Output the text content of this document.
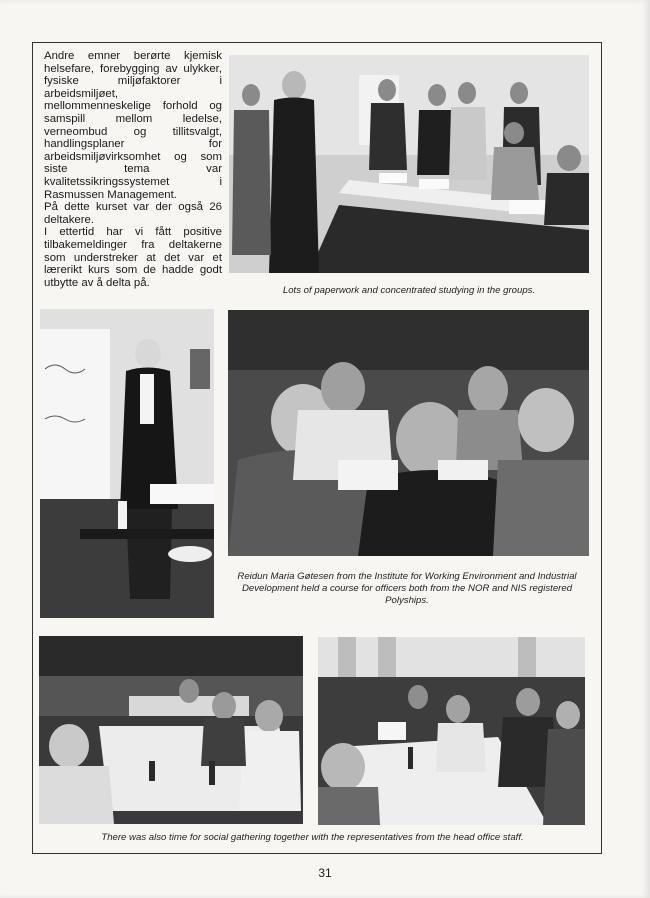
Andre emner berørte kjemisk helsefare, forebygging av ulykker, fysiske miljøfaktorer i arbeidsmiljøet, mellommenneskelige forhold og samspill mellom ledelse, verneombud og tillitsvalgt, handlingsplaner for arbeidsmiljøvirksomhet og som siste tema var kvalitetssikringssystemet i Rasmussen Management.

På dette kurset var der også 26 deltakere.

I ettertid har vi fått positive tilbakemeldinger fra deltakerne som understreker at det var et lærerikt kurs som de hadde godt utbytte av å delta på.

Lots of paperwork and concentrated studying in the groups.
Reidun Maria Gøtesen from the Institute for Working Environment and Industrial Development held a course for officers both from the NOR and NIS registered Polyships.
There was also time for social gathering together with the representatives from the head office staff.
31
